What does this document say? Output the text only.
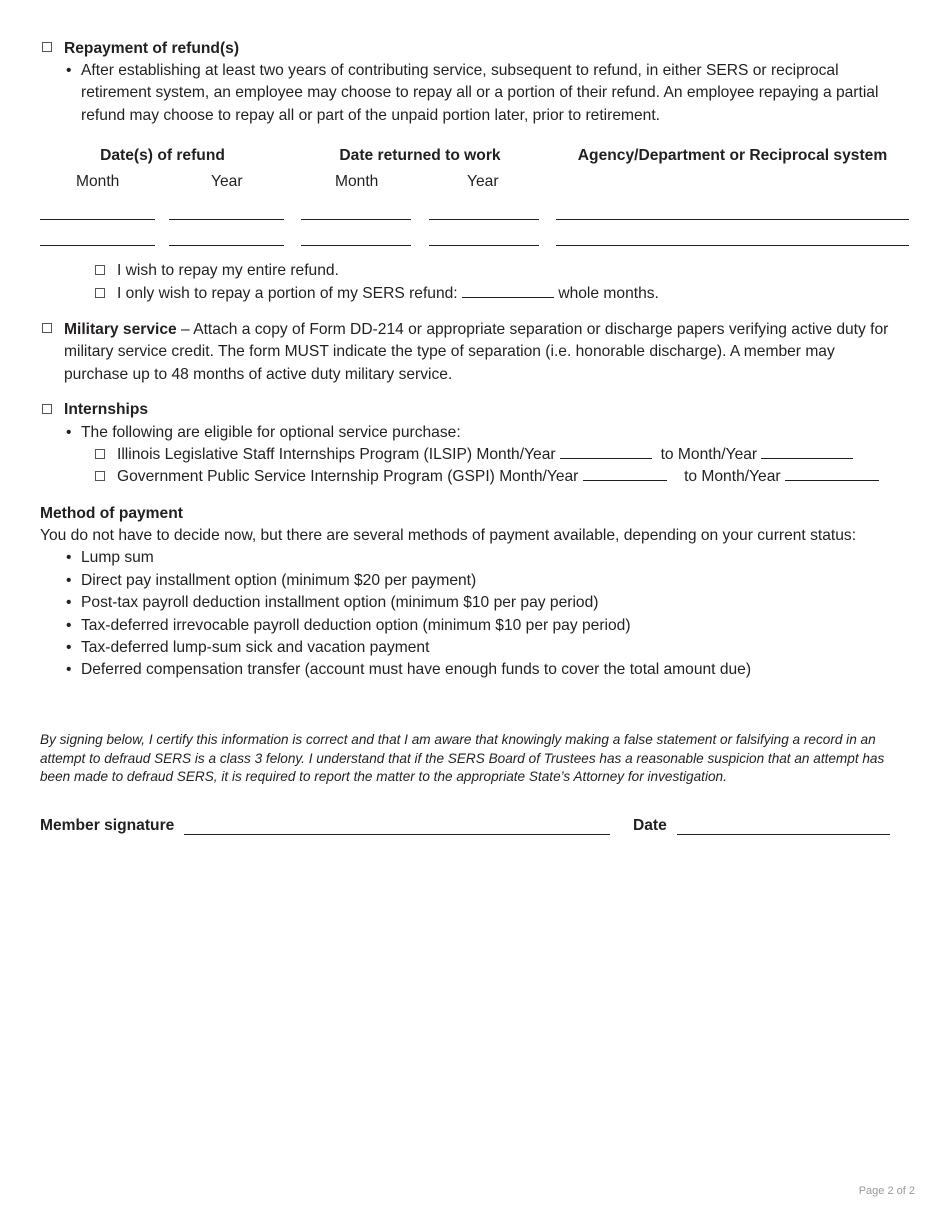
Repayment of refund(s)
• After establishing at least two years of contributing service, subsequent to refund, in either SERS or reciprocal retirement system, an employee may choose to repay all or a portion of their refund. An employee repaying a partial refund may choose to repay all or part of the unpaid portion later, prior to retirement.
Date(s) of refund	Date returned to work	Agency/Department or Reciprocal system
Month	Year	Month	Year
I wish to repay my entire refund.
I only wish to repay a portion of my SERS refund:	whole months.
Military service – Attach a copy of Form DD-214 or appropriate separation or discharge papers verifying active duty for military service credit. The form MUST indicate the type of separation (i.e. honorable discharge). A member may purchase up to 48 months of active duty military service.
Internships
• The following are eligible for optional service purchase:
Illinois Legislative Staff Internships Program (ILSIP) Month/Year	to Month/Year
Government Public Service Internship Program (GSPI) Month/Year	to Month/Year
Method of payment
You do not have to decide now, but there are several methods of payment available, depending on your current status:
• Lump sum
• Direct pay installment option (minimum $20 per payment)
• Post-tax payroll deduction installment option (minimum $10 per pay period)
• Tax-deferred irrevocable payroll deduction option (minimum $10 per pay period)
• Tax-deferred lump-sum sick and vacation payment
• Deferred compensation transfer (account must have enough funds to cover the total amount due)
By signing below, I certify this information is correct and that I am aware that knowingly making a false statement or falsifying a record in an attempt to defraud SERS is a class 3 felony. I understand that if the SERS Board of Trustees has a reasonable suspicion that an attempt has been made to defraud SERS, it is required to report the matter to the appropriate State’s Attorney for investigation.
Member signature	Date
Page 2 of 2
